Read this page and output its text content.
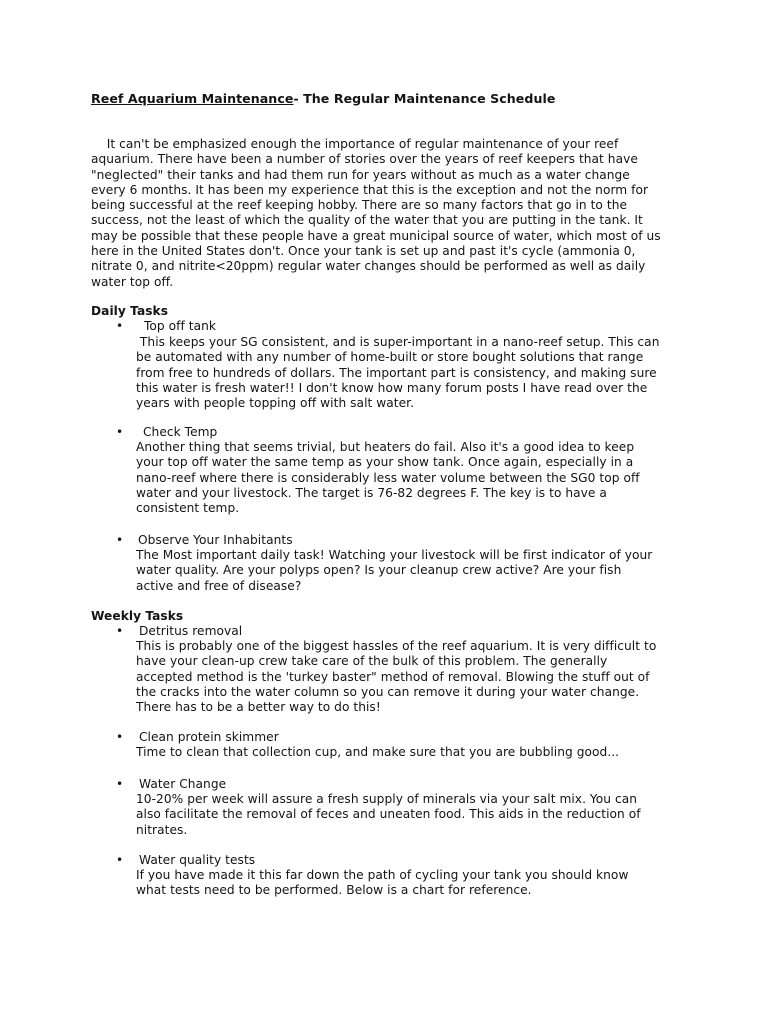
Reef Aquarium Maintenance- The Regular Maintenance Schedule
It can't be emphasized enough the importance of regular maintenance of your reef
aquarium. There have been a number of stories over the years of reef keepers that have
"neglected" their tanks and had them run for years without as much as a water change
every 6 months. It has been my experience that this is the exception and not the norm for
being successful at the reef keeping hobby. There are so many factors that go in to the
success, not the least of which the quality of the water that you are putting in the tank. It
may be possible that these people have a great municipal source of water, which most of us
here in the United States don't. Once your tank is set up and past it's cycle (ammonia 0,
nitrate 0, and nitrite<20ppm) regular water changes should be performed as well as daily
water top off.
Daily Tasks
• Top off tank
This keeps your SG consistent, and is super-important in a nano-reef setup. This can
be automated with any number of home-built or store bought solutions that range
from free to hundreds of dollars. The important part is consistency, and making sure
this water is fresh water!! I don't know how many forum posts I have read over the
years with people topping off with salt water.
• Check Temp
Another thing that seems trivial, but heaters do fail. Also it's a good idea to keep
your top off water the same temp as your show tank. Once again, especially in a
nano-reef where there is considerably less water volume between the SG0 top off
water and your livestock. The target is 76-82 degrees F. The key is to have a
consistent temp.
• Observe Your Inhabitants
The Most important daily task! Watching your livestock will be first indicator of your
water quality. Are your polyps open? Is your cleanup crew active? Are your fish
active and free of disease?
Weekly Tasks
• Detritus removal
This is probably one of the biggest hassles of the reef aquarium. It is very difficult to
have your clean-up crew take care of the bulk of this problem. The generally
accepted method is the 'turkey baster" method of removal. Blowing the stuff out of
the cracks into the water column so you can remove it during your water change.
There has to be a better way to do this!
• Clean protein skimmer
Time to clean that collection cup, and make sure that you are bubbling good...
• Water Change
10-20% per week will assure a fresh supply of minerals via your salt mix. You can
also facilitate the removal of feces and uneaten food. This aids in the reduction of
nitrates.
• Water quality tests
If you have made it this far down the path of cycling your tank you should know
what tests need to be performed. Below is a chart for reference.
